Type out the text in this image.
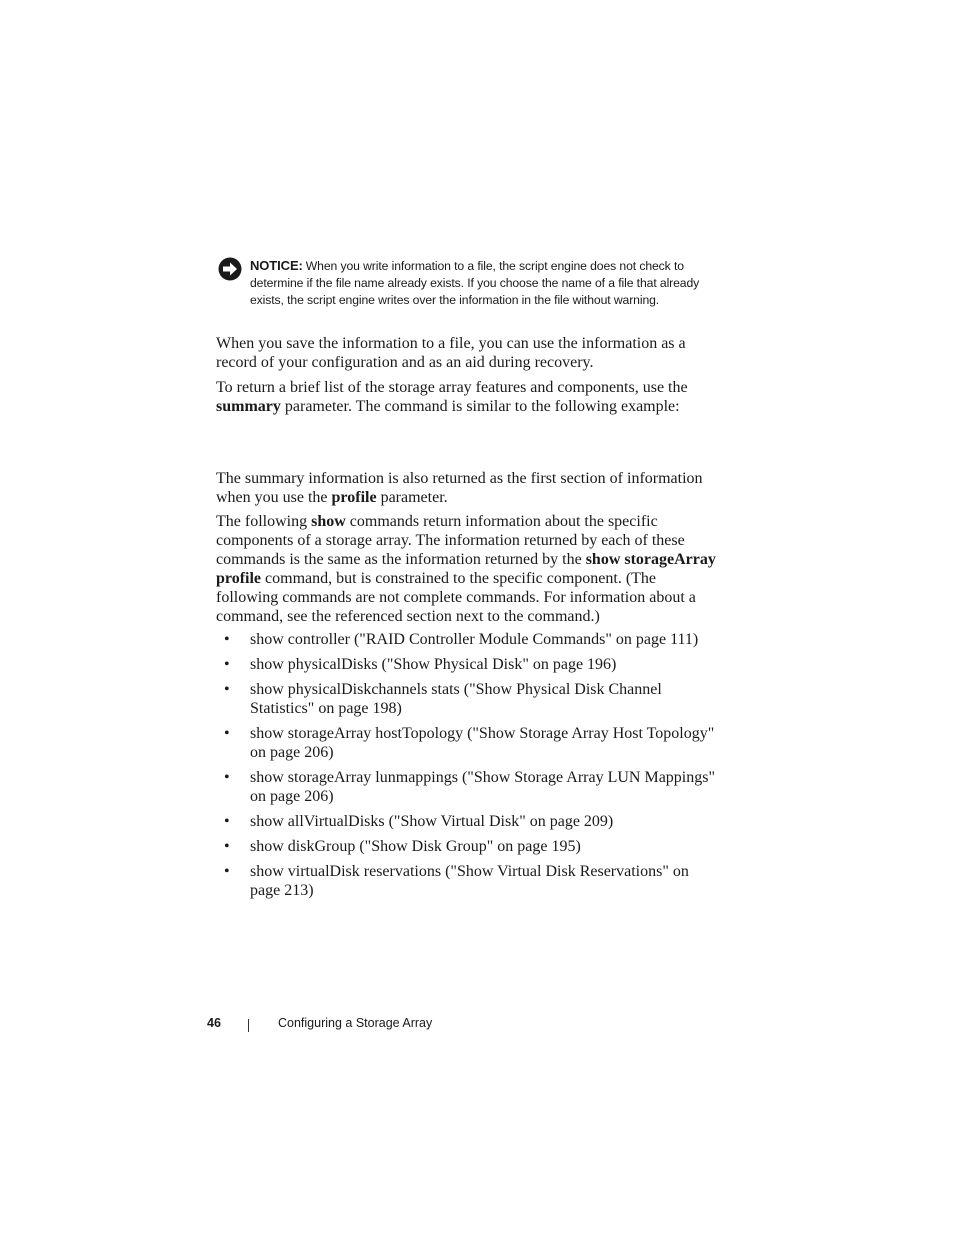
NOTICE: When you write information to a file, the script engine does not check to determine if the file name already exists. If you choose the name of a file that already exists, the script engine writes over the information in the file without warning.

When you save the information to a file, you can use the information as a record of your configuration and as an aid during recovery.

To return a brief list of the storage array features and components, use the summary parameter. The command is similar to the following example:

The summary information is also returned as the first section of information when you use the profile parameter.

The following show commands return information about the specific components of a storage array. The information returned by each of these commands is the same as the information returned by the show storageArray profile command, but is constrained to the specific component. (The following commands are not complete commands. For information about a command, see the referenced section next to the command.)

• show controller ("RAID Controller Module Commands" on page 111)
• show physicalDisks ("Show Physical Disk" on page 196)
• show physicalDiskchannels stats ("Show Physical Disk Channel Statistics" on page 198)
• show storageArray hostTopology ("Show Storage Array Host Topology" on page 206)
• show storageArray lunmappings ("Show Storage Array LUN Mappings" on page 206)
• show allVirtualDisks ("Show Virtual Disk" on page 209)
• show diskGroup ("Show Disk Group" on page 195)
• show virtualDisk reservations ("Show Virtual Disk Reservations" on page 213)
46	Configuring a Storage Array
